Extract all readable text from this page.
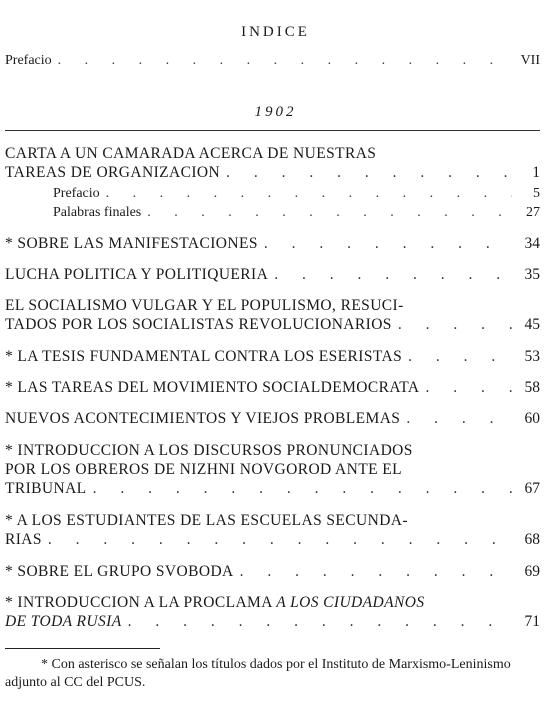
INDICE
Prefacio . . .	VII
1902
CARTA A UN CAMARADA ACERCA DE NUESTRAS
TAREAS DE ORGANIZACION . . .	1
Prefacio . . .	5
Palabras finales . . .	27
* SOBRE LAS MANIFESTACIONES . . .	34
LUCHA POLITICA Y POLITIQUERIA . . .	35
EL SOCIALISMO VULGAR Y EL POPULISMO, RESUCI-
TADOS POR LOS SOCIALISTAS REVOLUCIONARIOS . . .	45
* LA TESIS FUNDAMENTAL CONTRA LOS ESERISTAS . . .	53
* LAS TAREAS DEL MOVIMIENTO SOCIALDEMOCRATA . . .	58
NUEVOS ACONTECIMIENTOS Y VIEJOS PROBLEMAS . . .	60
* INTRODUCCION A LOS DISCURSOS PRONUNCIADOS
POR LOS OBREROS DE NIZHNI NOVGOROD ANTE EL
TRIBUNAL . . .	67
* A LOS ESTUDIANTES DE LAS ESCUELAS SECUNDA-
RIAS . . .	68
* SOBRE EL GRUPO SVOBODA . . .	69
* INTRODUCCION A LA PROCLAMA A LOS CIUDADANOS
DE TODA RUSIA . . .	71
* Con asterisco se señalan los títulos dados por el Instituto de Marxismo-Leninismo adjunto al CC del PCUS.
